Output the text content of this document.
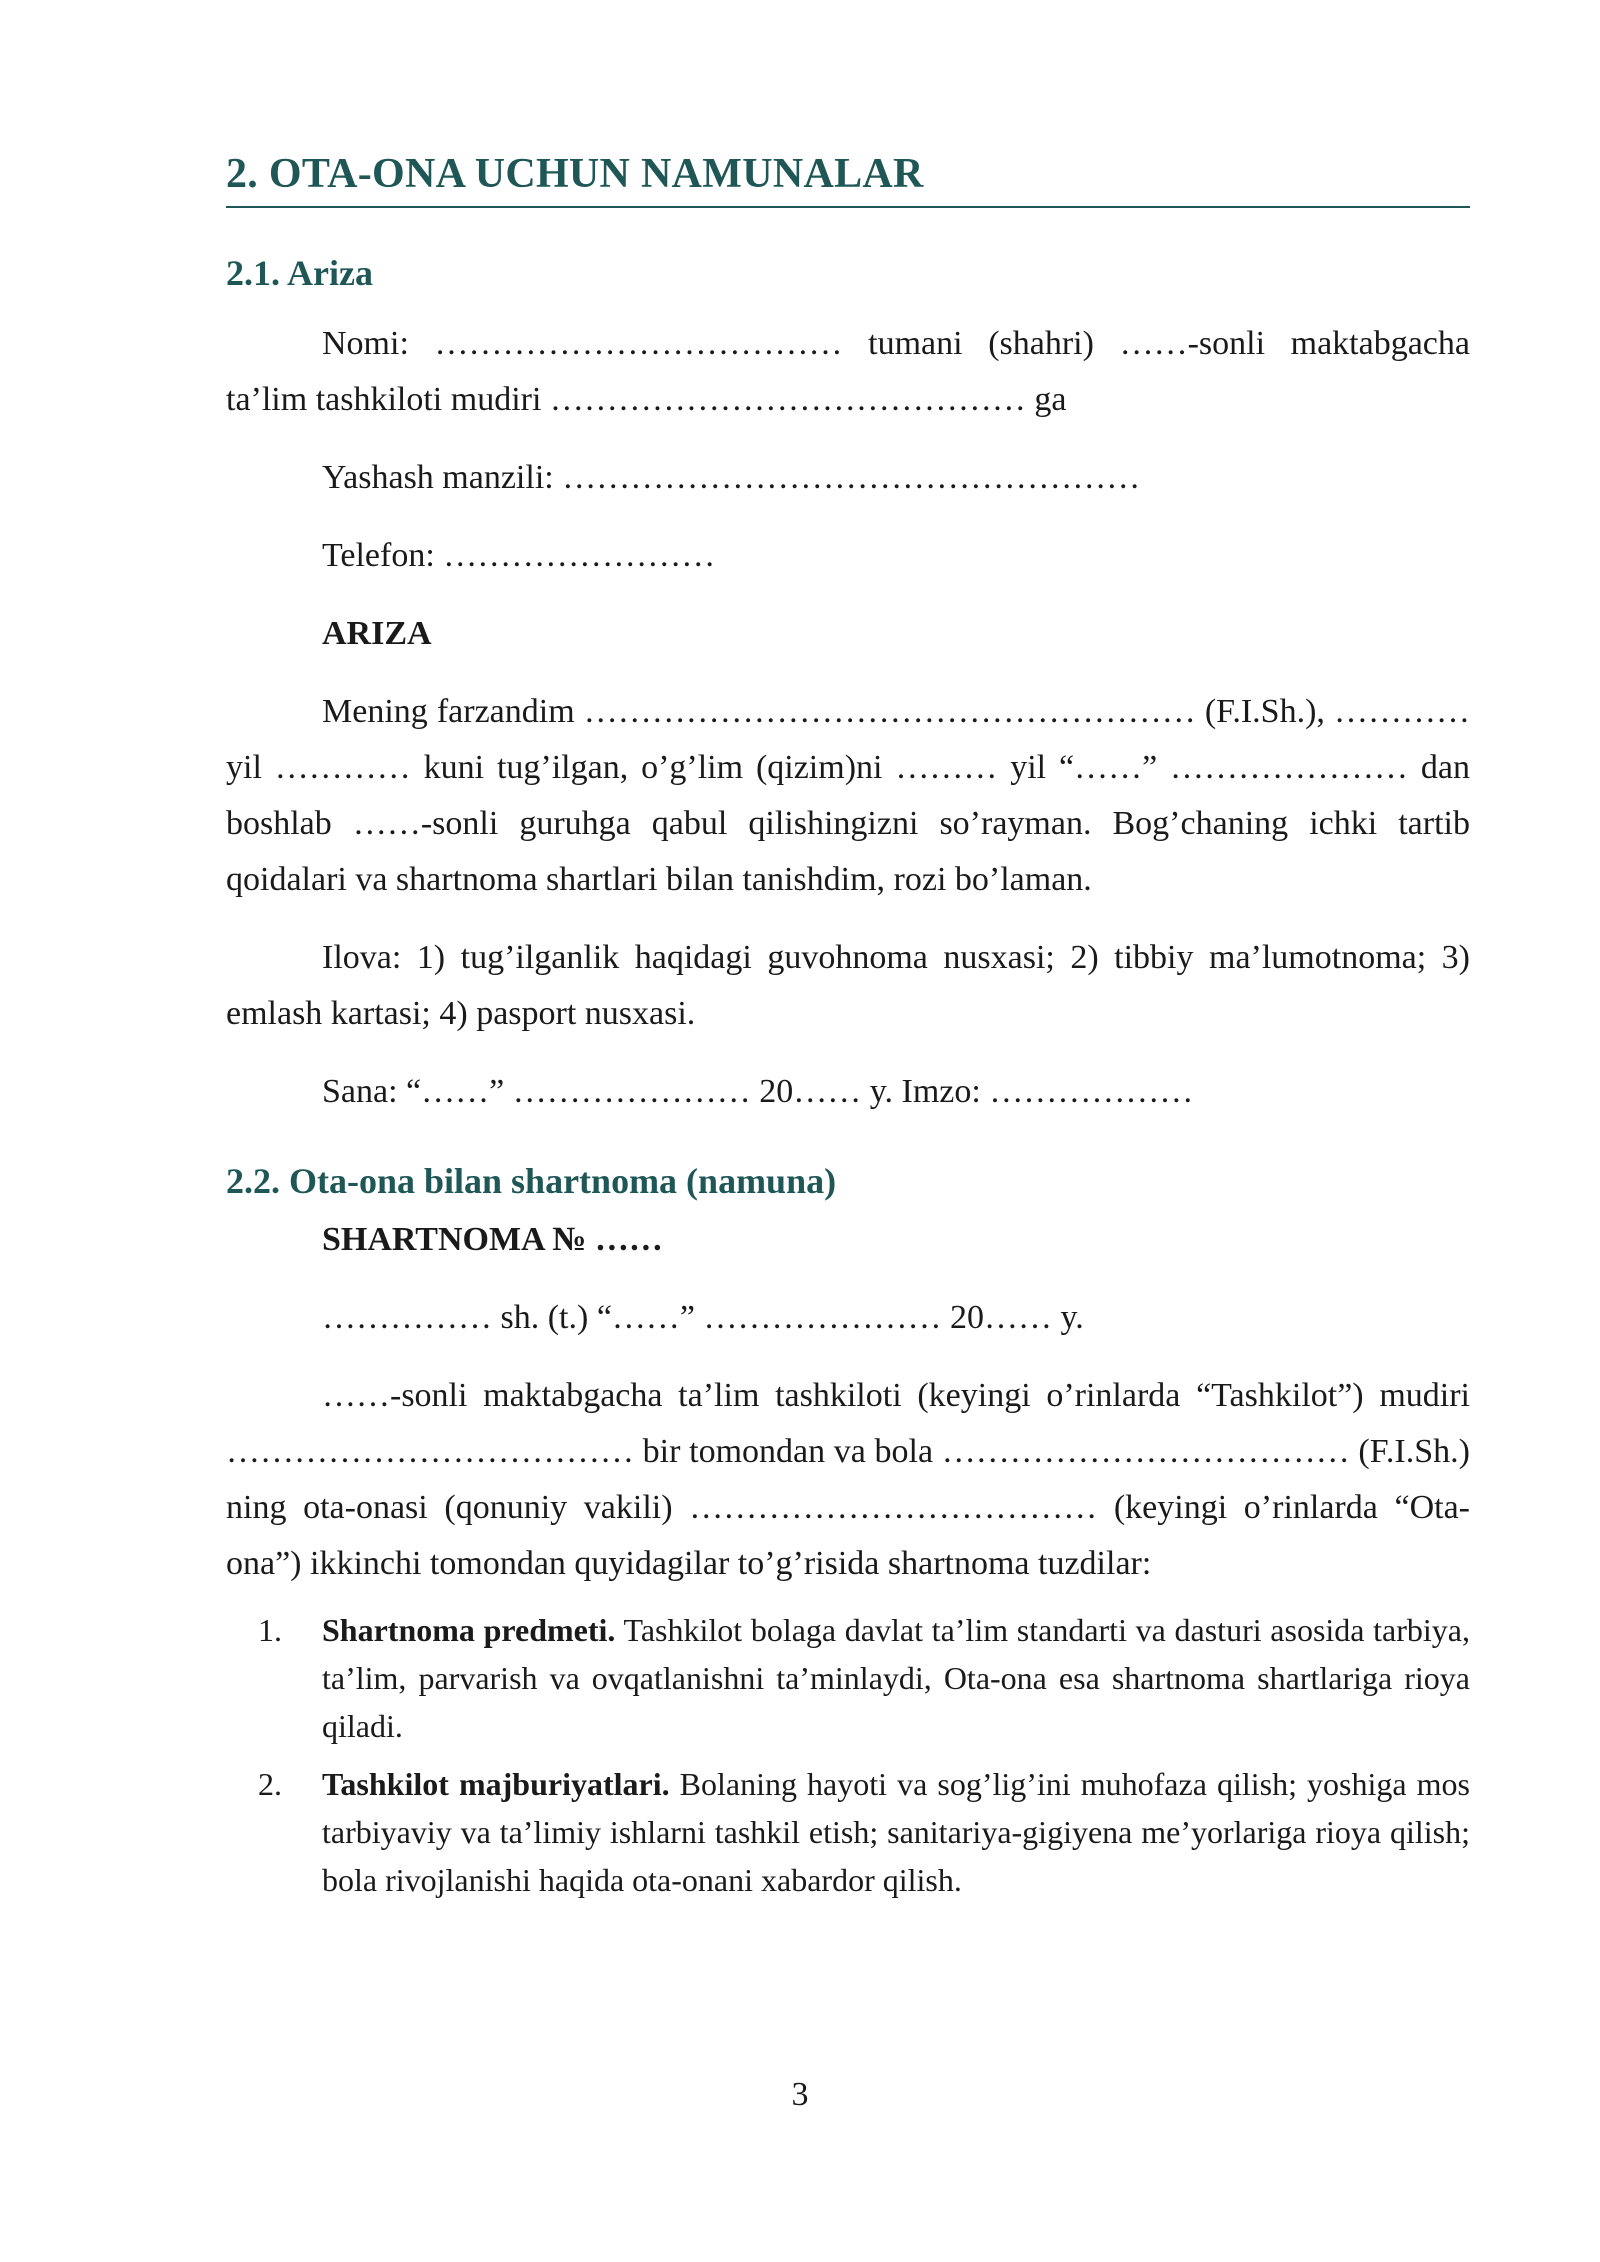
2. OTA-ONA UCHUN NAMUNALAR
2.1. Ariza

Nomi: ……………………………… tumani (shahri) ……-sonli maktabgacha ta’lim tashkiloti mudiri …………………………………… ga

Yashash manzili: ……………………………………………

Telefon: ……………………

ARIZA

Mening farzandim ……………………………………………… (F.I.Sh.), ………… yil ………… kuni tug’ilgan, o’g’lim (qizim)ni ……… yil “……” ………………… dan boshlab ……-sonli guruhga qabul qilishingizni so’rayman. Bog’chaning ichki tartib qoidalari va shartnoma shartlari bilan tanishdim, rozi bo’laman.

Ilova: 1) tug’ilganlik haqidagi guvohnoma nusxasi; 2) tibbiy ma’lumotnoma; 3) emlash kartasi; 4) pasport nusxasi.

Sana: “……” ………………… 20…… y. Imzo: ………………

2.2. Ota-ona bilan shartnoma (namuna)

SHARTNOMA № ……

…………… sh. (t.) “……” ………………… 20…… y.

……-sonli maktabgacha ta’lim tashkiloti (keyingi o’rinlarda “Tashkilot”) mudiri ……………………………… bir tomondan va bola ……………………………… (F.I.Sh.) ning ota-onasi (qonuniy vakili) ……………………………… (keyingi o’rinlarda “Ota-ona”) ikkinchi tomondan quyidagilar to’g’risida shartnoma tuzdilar:

1. Shartnoma predmeti. Tashkilot bolaga davlat ta’lim standarti va dasturi asosida tarbiya, ta’lim, parvarish va ovqatlanishni ta’minlaydi, Ota-ona esa shartnoma shartlariga rioya qiladi.
2. Tashkilot majburiyatlari. Bolaning hayoti va sog’lig’ini muhofaza qilish; yoshiga mos tarbiyaviy va ta’limiy ishlarni tashkil etish; sanitariya-gigiyena me’yorlariga rioya qilish; bola rivojlanishi haqida ota-onani xabardor qilish.
3
